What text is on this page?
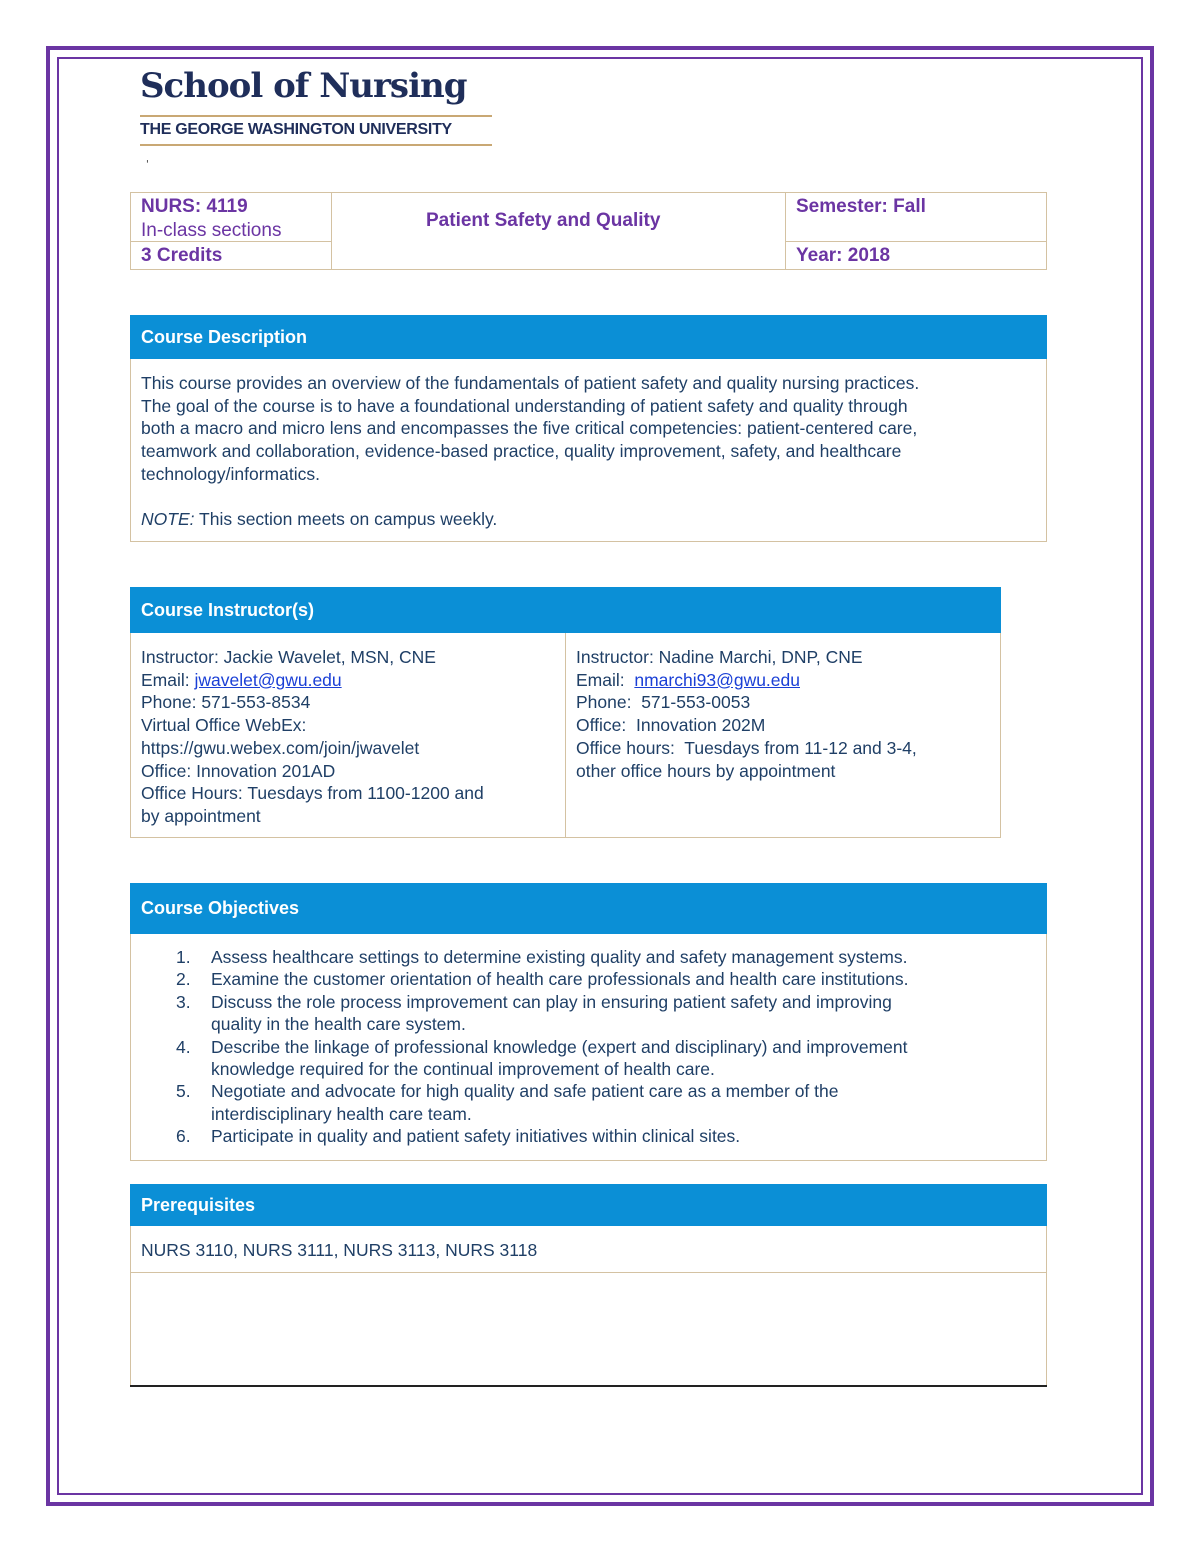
School of Nursing
THE GEORGE WASHINGTON UNIVERSITY
'
NURS: 4119
In-class sections
3 Credits
Patient Safety and Quality
Semester: Fall
Year: 2018
Course Description
This course provides an overview of the fundamentals of patient safety and quality nursing practices.
The goal of the course is to have a foundational understanding of patient safety and quality through
both a macro and micro lens and encompasses the five critical competencies: patient-centered care,
teamwork and collaboration, evidence-based practice, quality improvement, safety, and healthcare
technology/informatics.

NOTE: This section meets on campus weekly.
Course Instructor(s)
Instructor: Jackie Wavelet, MSN, CNE
Email: jwavelet@gwu.edu
Phone: 571-553-8534
Virtual Office WebEx:
https://gwu.webex.com/join/jwavelet
Office: Innovation 201AD
Office Hours: Tuesdays from 1100-1200 and
by appointment
Instructor: Nadine Marchi, DNP, CNE
Email:  nmarchi93@gwu.edu
Phone:  571-553-0053
Office:  Innovation 202M
Office hours:  Tuesdays from 11-12 and 3-4,
other office hours by appointment
Course Objectives
1. Assess healthcare settings to determine existing quality and safety management systems.
2. Examine the customer orientation of health care professionals and health care institutions.
3. Discuss the role process improvement can play in ensuring patient safety and improving
quality in the health care system.
4. Describe the linkage of professional knowledge (expert and disciplinary) and improvement
knowledge required for the continual improvement of health care.
5. Negotiate and advocate for high quality and safe patient care as a member of the
interdisciplinary health care team.
6. Participate in quality and patient safety initiatives within clinical sites.
Prerequisites
NURS 3110, NURS 3111, NURS 3113, NURS 3118
